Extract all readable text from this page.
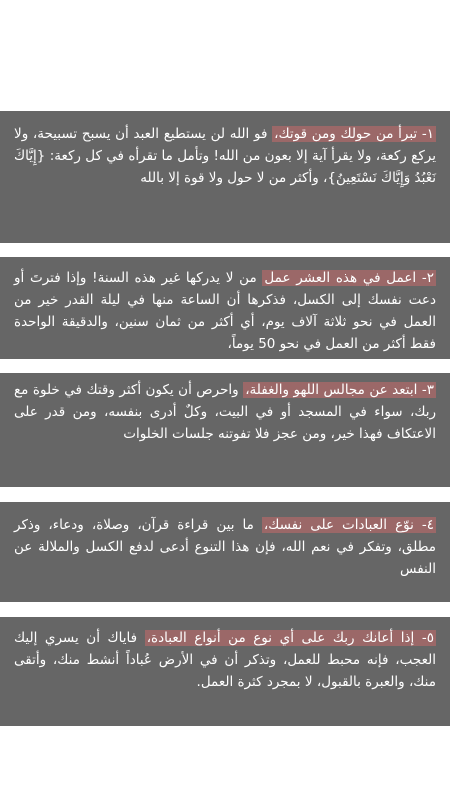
١- تبرأ من حولك ومن قوتك، فو الله لن يستطيع العبد أن يسبح تسبيحة، ولا يركع ركعة، ولا يقرأ آية إلا بعون من الله! وتأمل ما تقرأه في كل ركعة: {إِيَّاكَ نَعْبُدُ وَإِيَّاكَ نَسْتَعِينُ}، وأكثر من لا حول ولا قوة إلا بالله

٢- اعمل في هذه العشر عمل من لا يدركها غير هذه السنة! وإذا فترتَ أو دعت نفسك إلى الكسل، فذكرها أن الساعة منها في ليلة القدر خير من العمل في نحو ثلاثة آلاف يوم، أي أكثر من ثمان سنين، والدقيقة الواحدة فقط أكثر من العمل في نحو 50 يوماً،

٣- ابتعد عن مجالس اللهو والغفلة، واحرص أن يكون أكثر وقتك في خلوة مع ربك، سواء في المسجد أو في البيت، وكلٌ أدرى بنفسه، ومن قدر على الاعتكاف فهذا خير، ومن عجز فلا تفوتنه جلسات الخلوات

٤- نوّع العبادات على نفسك، ما بين قراءة قرآن، وصلاة، ودعاء، وذكر مطلق، وتفكر في نعم الله، فإن هذا التنوع أدعى لدفع الكسل والملالة عن النفس

٥- إذا أعانك ربك على أي نوع من أنواع العبادة، فاياك أن يسري إليك العجب، فإنه محبط للعمل، وتذكر أن في الأرض عُباداً أنشط منك، وأتقى منك، والعبرة بالقبول، لا بمجرد كثرة العمل.
